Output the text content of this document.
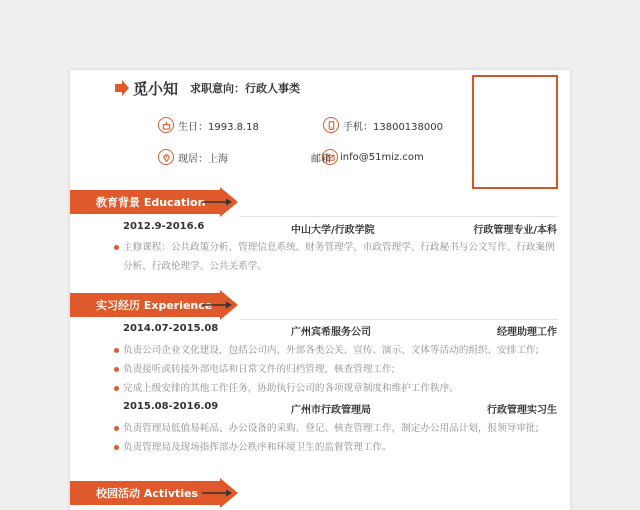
觅小知 求职意向：行政人事类
生日：1993.8.18	手机：13800138000
现居：上海	邮箱 info@51miz.com
教育背景 Education
2012.9-2016.6	中山大学/行政学院	行政管理专业/本科
主修课程：公共政策分析、管理信息系统、财务管理学、市政管理学、行政秘书与公文写作、行政案例分析、行政伦理学、公共关系学。
实习经历 Experience
2014.07-2015.08	广州宾希服务公司	经理助理工作
负责公司企业文化建设，包括公司内、外部各类公关、宣传、演示、文体等活动的组织、安排工作;
负责接听或转接外部电话和日常文件的归档管理，核查管理工作;
完成上级安排的其他工作任务，协助执行公司的各项规章制度和维护工作秩序。
2015.08-2016.09	广州市行政管理局	行政管理实习生
负责管理局低值易耗品、办公设备的采购、登记、核查管理工作，制定办公用品计划，报领导审批;
负责管理局及现场指挥部办公秩序和环境卫生的监督管理工作。
校园活动 Activties
